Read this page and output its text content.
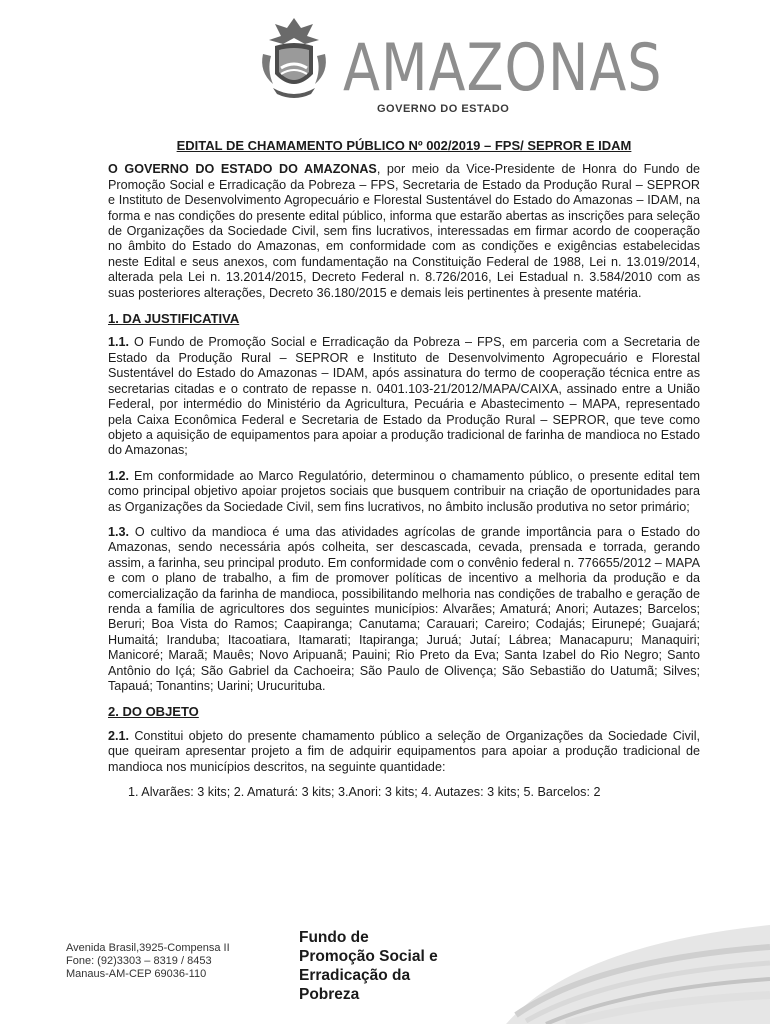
AMAZONAS
GOVERNO DO ESTADO
EDITAL DE CHAMAMENTO PÚBLICO Nº 002/2019 – FPS/ SEPROR E IDAM

O GOVERNO DO ESTADO DO AMAZONAS, por meio da Vice-Presidente de Honra do Fundo de Promoção Social e Erradicação da Pobreza – FPS, Secretaria de Estado da Produção Rural – SEPROR e Instituto de Desenvolvimento Agropecuário e Florestal Sustentável do Estado do Amazonas – IDAM, na forma e nas condições do presente edital público, informa que estarão abertas as inscrições para seleção de Organizações da Sociedade Civil, sem fins lucrativos, interessadas em firmar acordo de cooperação no âmbito do Estado do Amazonas, em conformidade com as condições e exigências estabelecidas neste Edital e seus anexos, com fundamentação na Constituição Federal de 1988, Lei n. 13.019/2014, alterada pela Lei n. 13.2014/2015, Decreto Federal n. 8.726/2016, Lei Estadual n. 3.584/2010 com as suas posteriores alterações, Decreto 36.180/2015 e demais leis pertinentes à presente matéria.

1. DA JUSTIFICATIVA

1.1. O Fundo de Promoção Social e Erradicação da Pobreza – FPS, em parceria com a Secretaria de Estado da Produção Rural – SEPROR e Instituto de Desenvolvimento Agropecuário e Florestal Sustentável do Estado do Amazonas – IDAM, após assinatura do termo de cooperação técnica entre as secretarias citadas e o contrato de repasse n. 0401.103-21/2012/MAPA/CAIXA, assinado entre a União Federal, por intermédio do Ministério da Agricultura, Pecuária e Abastecimento – MAPA, representado pela Caixa Econômica Federal e Secretaria de Estado da Produção Rural – SEPROR, que teve como objeto a aquisição de equipamentos para apoiar a produção tradicional de farinha de mandioca no Estado do Amazonas;

1.2. Em conformidade ao Marco Regulatório, determinou o chamamento público, o presente edital tem como principal objetivo apoiar projetos sociais que busquem contribuir na criação de oportunidades para as Organizações da Sociedade Civil, sem fins lucrativos, no âmbito inclusão produtiva no setor primário;

1.3. O cultivo da mandioca é uma das atividades agrícolas de grande importância para o Estado do Amazonas, sendo necessária após colheita, ser descascada, cevada, prensada e torrada, gerando assim, a farinha, seu principal produto. Em conformidade com o convênio federal n. 776655/2012 – MAPA e com o plano de trabalho, a fim de promover políticas de incentivo a melhoria da produção e da comercialização da farinha de mandioca, possibilitando melhoria nas condições de trabalho e geração de renda a família de agricultores dos seguintes municípios: Alvarães; Amaturá; Anori; Autazes; Barcelos; Beruri; Boa Vista do Ramos; Caapiranga; Canutama; Carauari; Careiro; Codajás; Eirunepé; Guajará; Humaitá; Iranduba; Itacoatiara, Itamarati; Itapiranga; Juruá; Jutaí; Lábrea; Manacapuru; Manaquiri; Manicoré; Maraã; Mauês; Novo Aripuanã; Pauini; Rio Preto da Eva; Santa Izabel do Rio Negro; Santo Antônio do Içá; São Gabriel da Cachoeira; São Paulo de Olivença; São Sebastião do Uatumã; Silves; Tapauá; Tonantins; Uarini; Urucurituba.

2. DO OBJETO

2.1. Constitui objeto do presente chamamento público a seleção de Organizações da Sociedade Civil, que queiram apresentar projeto a fim de adquirir equipamentos para apoiar a produção tradicional de mandioca nos municípios descritos, na seguinte quantidade:

1. Alvarães: 3 kits; 2. Amaturá: 3 kits; 3.Anori: 3 kits; 4. Autazes: 3 kits; 5. Barcelos: 2
Avenida Brasil,3925-Compensa II
Fone: (92)3303 – 8319 / 8453
Manaus-AM-CEP 69036-110
Fundo de
Promoção Social e
Erradicação da
Pobreza
